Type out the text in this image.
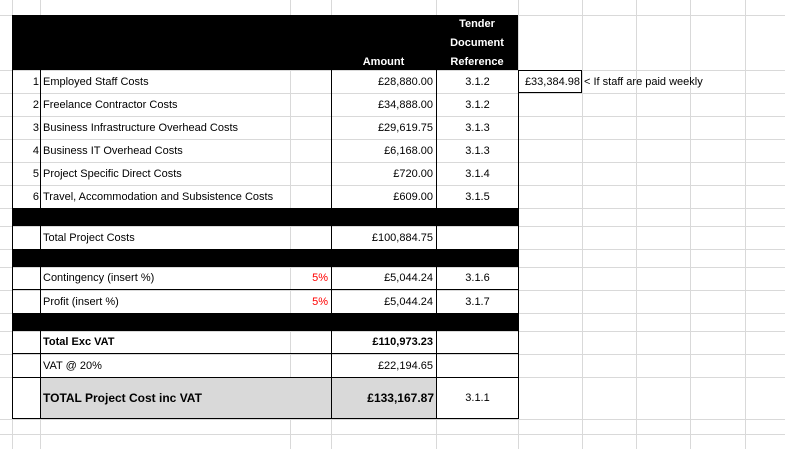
Amount
Tender
Document
Reference
1 Employed Staff Costs	£28,880.00	3.1.2	£33,384.98 < If staff are paid weekly
2 Freelance Contractor Costs	£34,888.00	3.1.2
3 Business Infrastructure Overhead Costs	£29,619.75	3.1.3
4 Business IT Overhead Costs	£6,168.00	3.1.3
5 Project Specific Direct Costs	£720.00	3.1.4
6 Travel, Accommodation and Subsistence Costs	£609.00	3.1.5
Total Project Costs	£100,884.75
Contingency (insert %)	5%	£5,044.24	3.1.6
Profit (insert %)	5%	£5,044.24	3.1.7
Total Exc VAT	£110,973.23
VAT @ 20%	£22,194.65
TOTAL Project Cost inc VAT	£133,167.87	3.1.1
